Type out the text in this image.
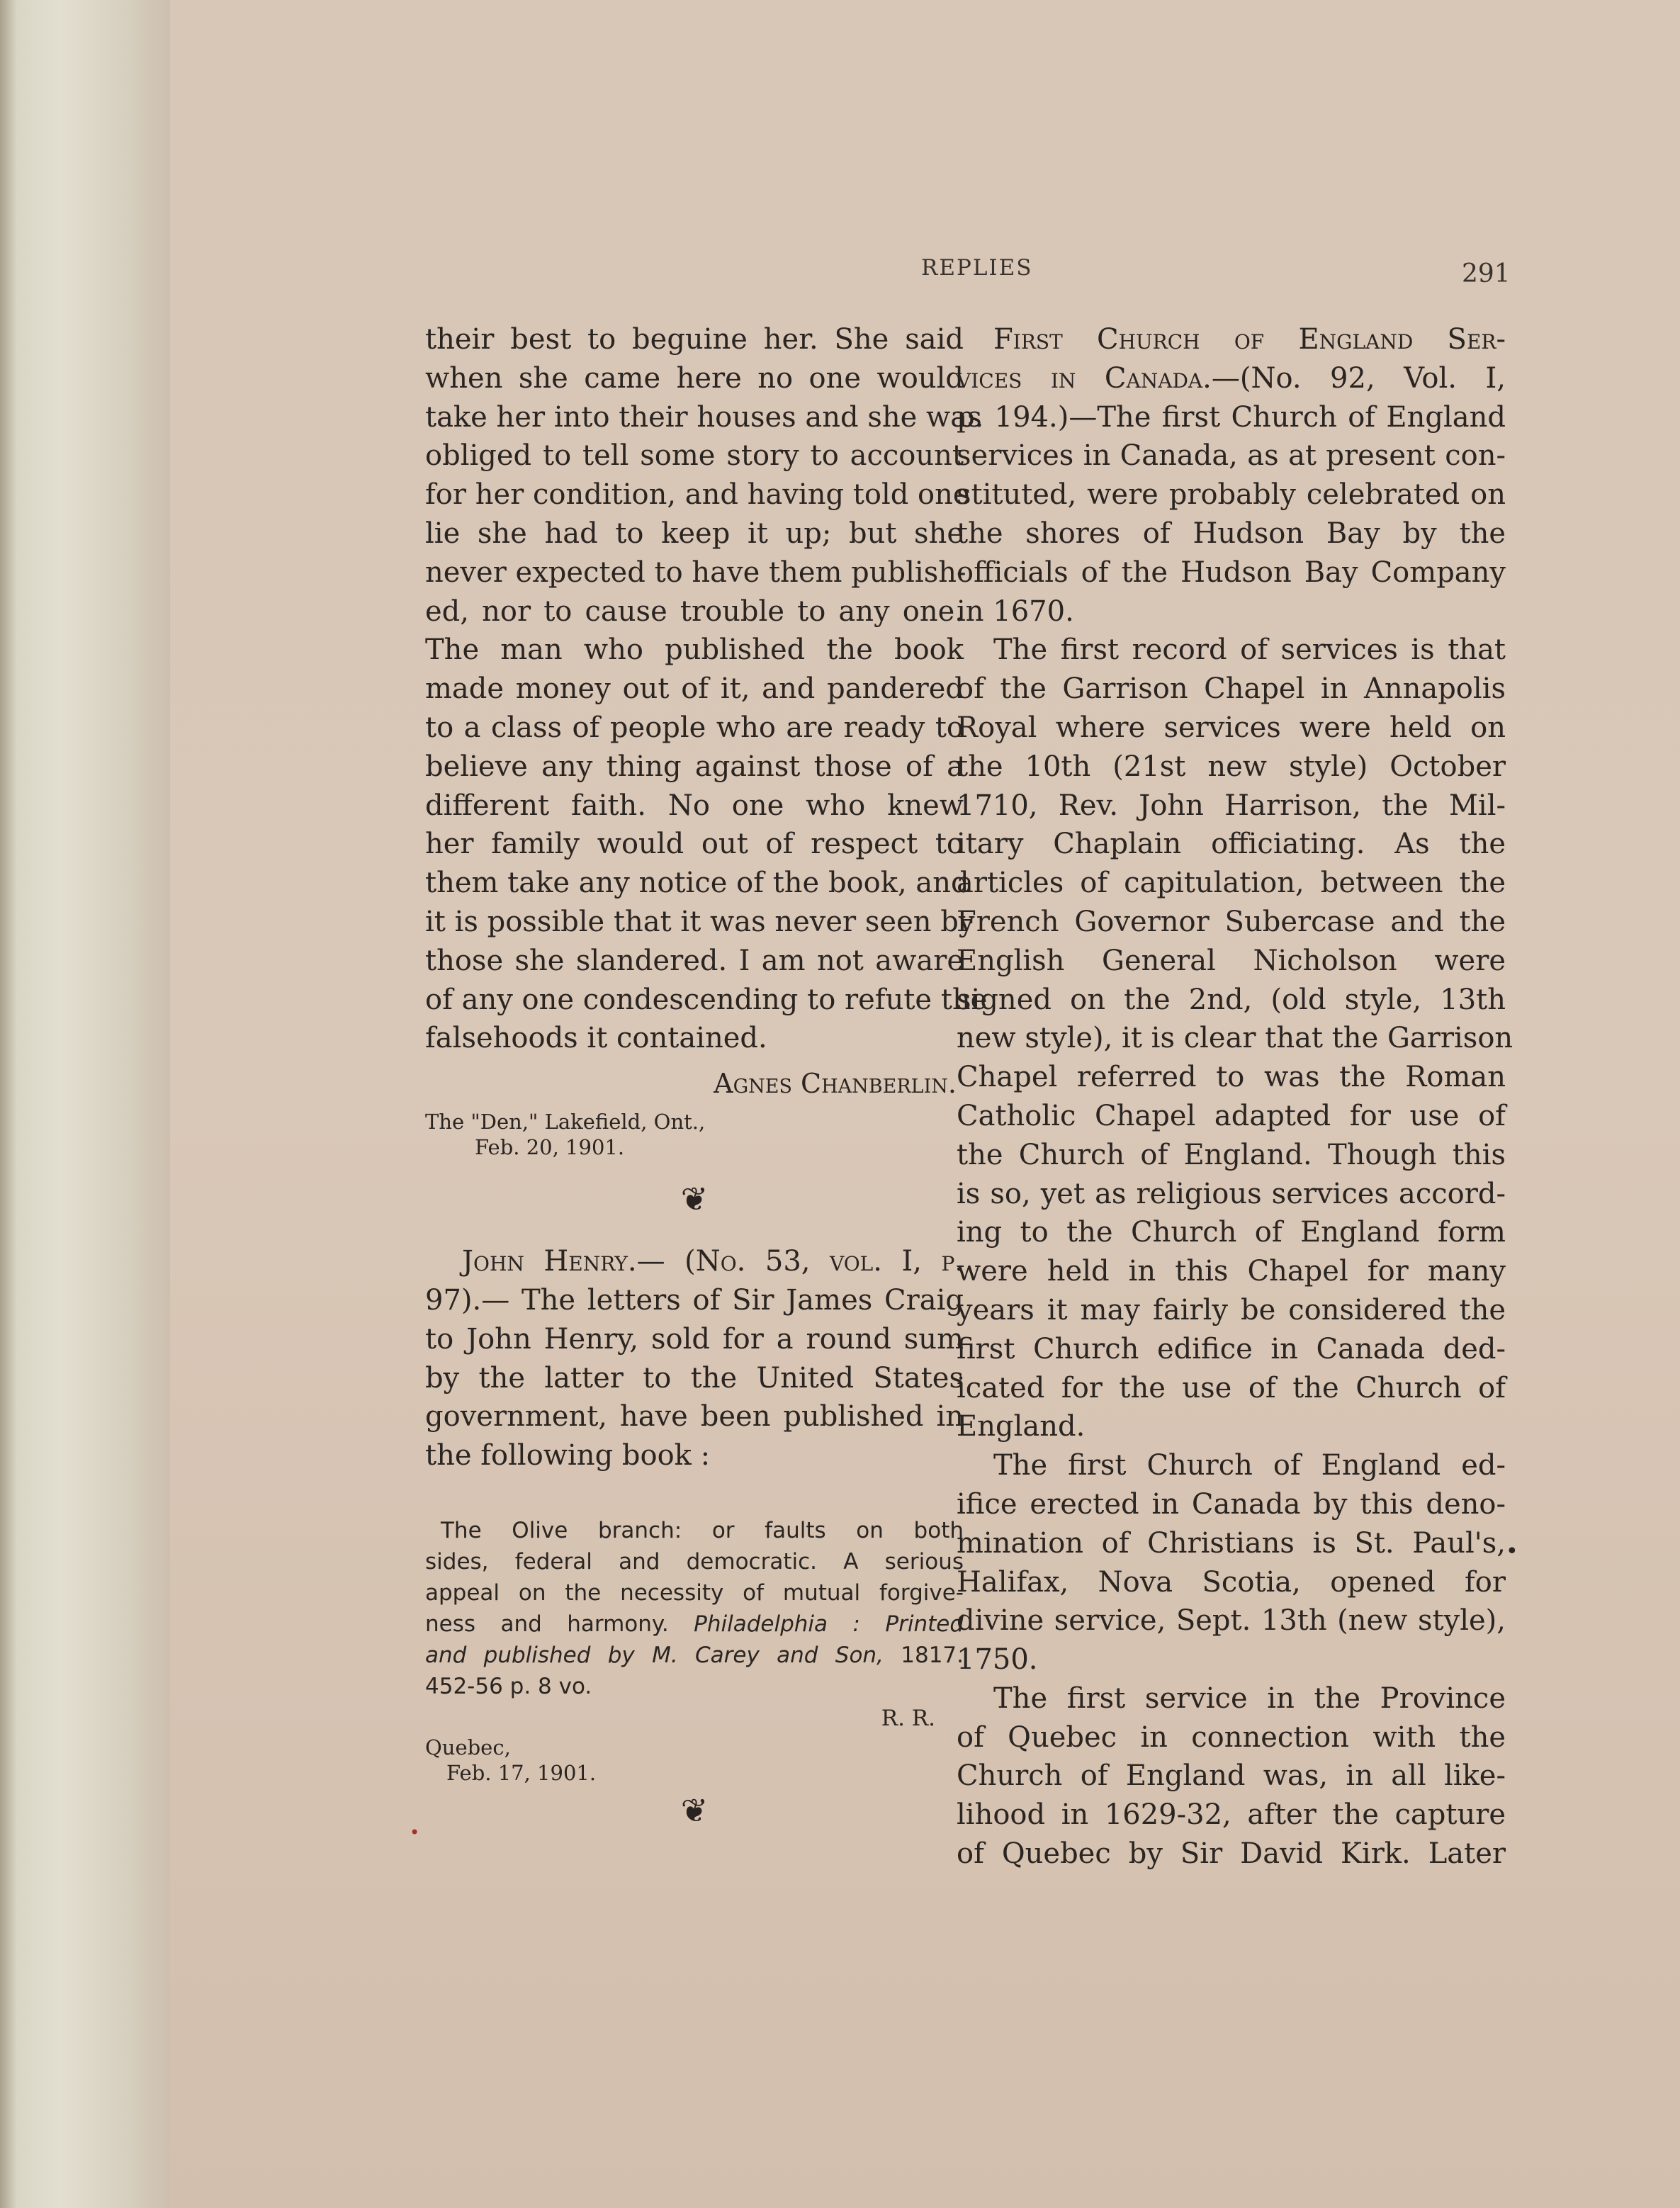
REPLIES	291
their best to beguine her. She said
when she came here no one would
take her into their houses and she was
obliged to tell some story to account
for her condition, and having told one
lie she had to keep it up; but she
never expected to have them publish-
ed, nor to cause trouble to any one.
The man who published the book
made money out of it, and pandered
to a class of people who are ready to
believe any thing against those of a
different faith. No one who knew
her family would out of respect to
them take any notice of the book, and
it is possible that it was never seen by
those she slandered. I am not aware
of any one condescending to refute the
falsehoods it contained.
Agnes Chanberlin.
The "Den," Lakefield, Ont.,
Feb. 20, 1901.
❦
John Henry.— (No. 53, vol. I, p.
97).— The letters of Sir James Craig
to John Henry, sold for a round sum
by the latter to the United States
government, have been published in
the following book :
The Olive branch: or faults on both
sides, federal and democratic. A serious
appeal on the necessity of mutual forgive-
ness and harmony. Philadelphia : Printed
and published by M. Carey and Son, 1817.
452-56 p. 8 vo.
R. R.
Quebec,
Feb. 17, 1901.
❦
First Church of England Ser-
vices in Canada.—(No. 92, Vol. I,
p. 194.)—The first Church of England
services in Canada, as at present con-
stituted, were probably celebrated on
the shores of Hudson Bay by the
officials of the Hudson Bay Company
in 1670.
The first record of services is that
of the Garrison Chapel in Annapolis
Royal where services were held on
the 10th (21st new style) October
1710, Rev. John Harrison, the Mil-
itary Chaplain officiating. As the
articles of capitulation, between the
French Governor Subercase and the
English General Nicholson were
signed on the 2nd, (old style, 13th
new style), it is clear that the Garrison
Chapel referred to was the Roman
Catholic Chapel adapted for use of
the Church of England. Though this
is so, yet as religious services accord-
ing to the Church of England form
were held in this Chapel for many
years it may fairly be considered the
first Church edifice in Canada ded-
icated for the use of the Church of
England.
The first Church of England ed-
ifice erected in Canada by this deno-
mination of Christians is St. Paul's,
Halifax, Nova Scotia, opened for
divine service, Sept. 13th (new style),
1750.
The first service in the Province
of Quebec in connection with the
Church of England was, in all like-
lihood in 1629-32, after the capture
of Quebec by Sir David Kirk. Later
•
•
